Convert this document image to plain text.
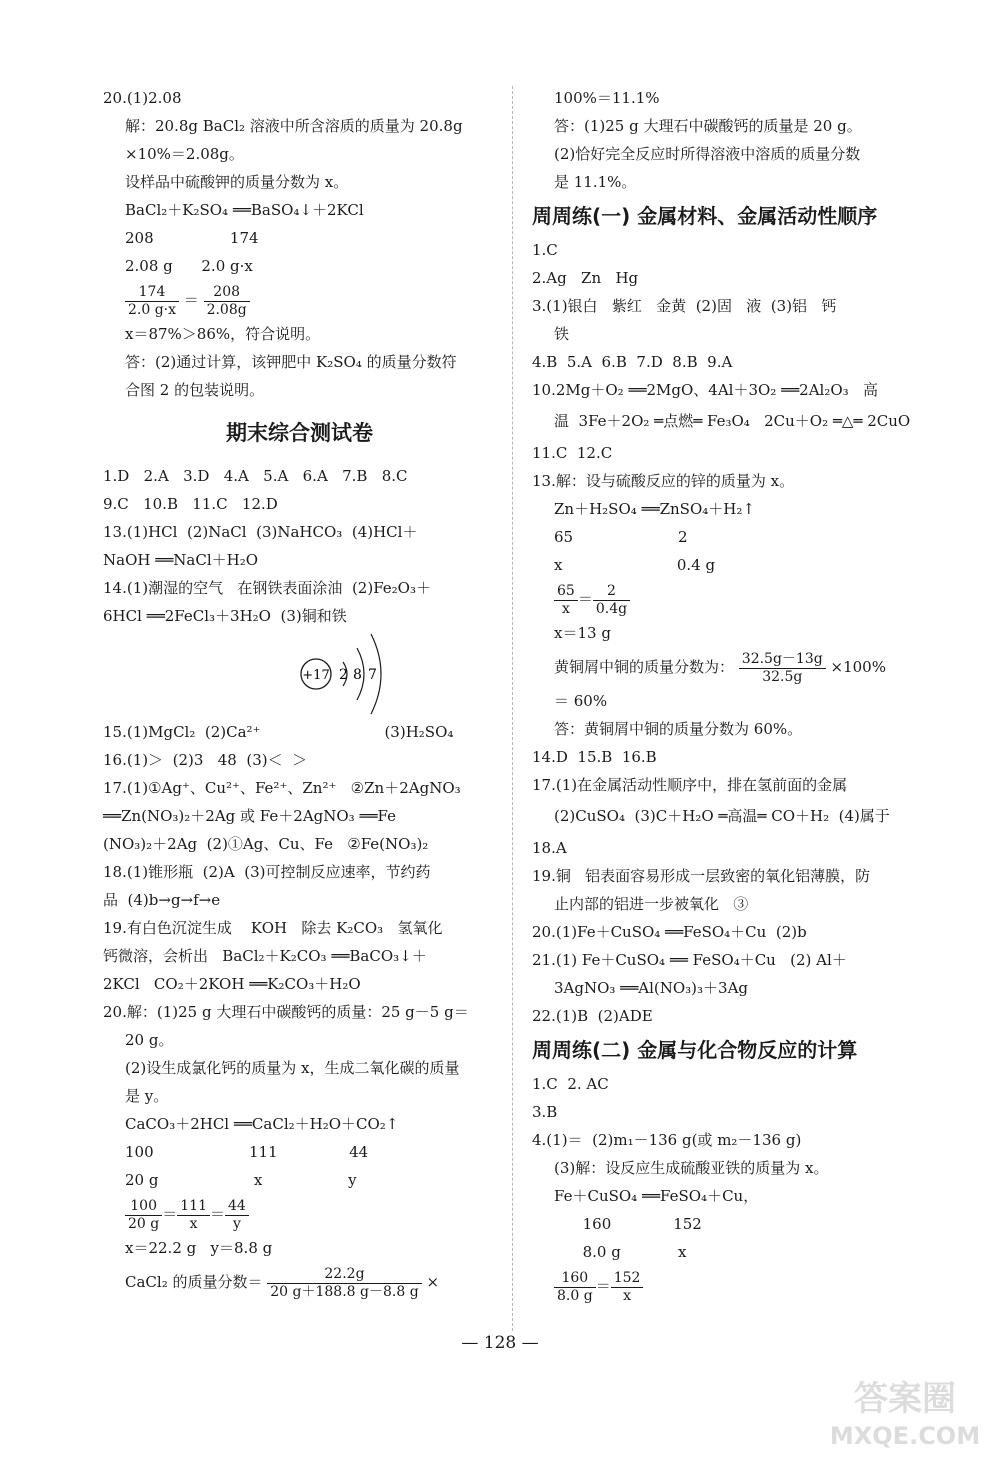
20.(1)2.08
解：20.8g BaCl₂ 溶液中所含溶质的质量为 20.8g
×10%＝2.08g。
设样品中硫酸钾的质量分数为 x。
BaCl₂＋K₂SO₄ ══BaSO₄↓＋2KCl
208                174
2.08 g      2.0 g·x
$\frac{174}{2.0 g\cdot x} = \frac{208}{2.08g}$
x＝87%＞86%，符合说明。
答：(2)通过计算，该钾肥中 K₂SO₄ 的质量分数符
合图 2 的包装说明。
期末综合测试卷
1.D   2.A   3.D   4.A   5.A   6.A   7.B   8.C
9.C   10.B   11.C   12.D
13.(1)HCl  (2)NaCl  (3)NaHCO₃  (4)HCl＋
NaOH ══NaCl＋H₂O
14.(1)潮湿的空气   在钢铁表面涂油  (2)Fe₂O₃＋
6HCl ══2FeCl₃＋3H₂O  (3)铜和铁
+17 2 8 7
15.(1)MgCl₂  (2)Ca²⁺                          (3)H₂SO₄
16.(1)＞  (2)3   48  (3)＜  ＞
17.(1)①Ag⁺、Cu²⁺、Fe²⁺、Zn²⁺   ②Zn＋2AgNO₃
══Zn(NO₃)₂＋2Ag 或 Fe＋2AgNO₃ ══Fe
(NO₃)₂＋2Ag  (2)①Ag、Cu、Fe   ②Fe(NO₃)₂
18.(1)锥形瓶  (2)A  (3)可控制反应速率，节约药
品  (4)b→g→f→e
19.有白色沉淀生成    KOH   除去 K₂CO₃   氢氧化
钙微溶，会析出   BaCl₂＋K₂CO₃ ══BaCO₃↓＋
2KCl   CO₂＋2KOH ══K₂CO₃＋H₂O
20.解：(1)25 g 大理石中碳酸钙的质量：25 g－5 g＝
20 g。
(2)设生成氯化钙的质量为 x，生成二氧化碳的质量
是 y。
CaCO₃＋2HCl ══CaCl₂＋H₂O＋CO₂↑
100                    111               44
20 g                    x                  y
$\frac{100}{20 g} = \frac{111}{x} = \frac{44}{y}$
x＝22.2 g   y＝8.8 g
CaCl₂ 的质量分数＝ $\frac{22.2g}{20 g+188.8 g-8.8 g}$ ×
100%＝11.1%
答：(1)25 g 大理石中碳酸钙的质量是 20 g。
(2)恰好完全反应时所得溶液中溶质的质量分数
是 11.1%。
周周练(一) 金属材料、金属活动性顺序
1.C
2.Ag   Zn   Hg
3.(1)银白   紫红   金黄  (2)固   液  (3)铝   钙
铁
4.B  5.A  6.B  7.D  8.B  9.A
10.2Mg＋O₂ ══2MgO、4Al＋3O₂ ══2Al₂O₃   高
温  3Fe＋2O₂ ═点燃═ Fe₃O₄   2Cu＋O₂ ═△═ 2CuO
11.C  12.C
13.解：设与硫酸反应的锌的质量为 x。
Zn＋H₂SO₄ ══ZnSO₄＋H₂↑
65                      2
x                        0.4 g
$\frac{65}{x} = \frac{2}{0.4g}$
x＝13 g
黄铜屑中铜的质量分数为： $\frac{32.5g-13g}{32.5g} \times 100\%$
＝ 60%
答：黄铜屑中铜的质量分数为 60%。
14.D  15.B  16.B
17.(1)在金属活动性顺序中，排在氢前面的金属
(2)CuSO₄  (3)C＋H₂O ═高温═ CO＋H₂  (4)属于
18.A
19.铜   铝表面容易形成一层致密的氧化铝薄膜，防
止内部的铝进一步被氧化   ③
20.(1)Fe＋CuSO₄ ══FeSO₄＋Cu  (2)b
21.(1) Fe＋CuSO₄ ══ FeSO₄＋Cu   (2) Al＋
3AgNO₃ ══Al(NO₃)₃＋3Ag
22.(1)B  (2)ADE
周周练(二) 金属与化合物反应的计算
1.C  2. AC
3.B
4.(1)＝  (2)m₁－136 g(或 m₂－136 g)
(3)解：设反应生成硫酸亚铁的质量为 x。
Fe＋CuSO₄ ══FeSO₄＋Cu，
160             152
8.0 g            x
$\frac{160}{8.0 g} = \frac{152}{x}$
— 128 —
答案圈
MXQE.COM
